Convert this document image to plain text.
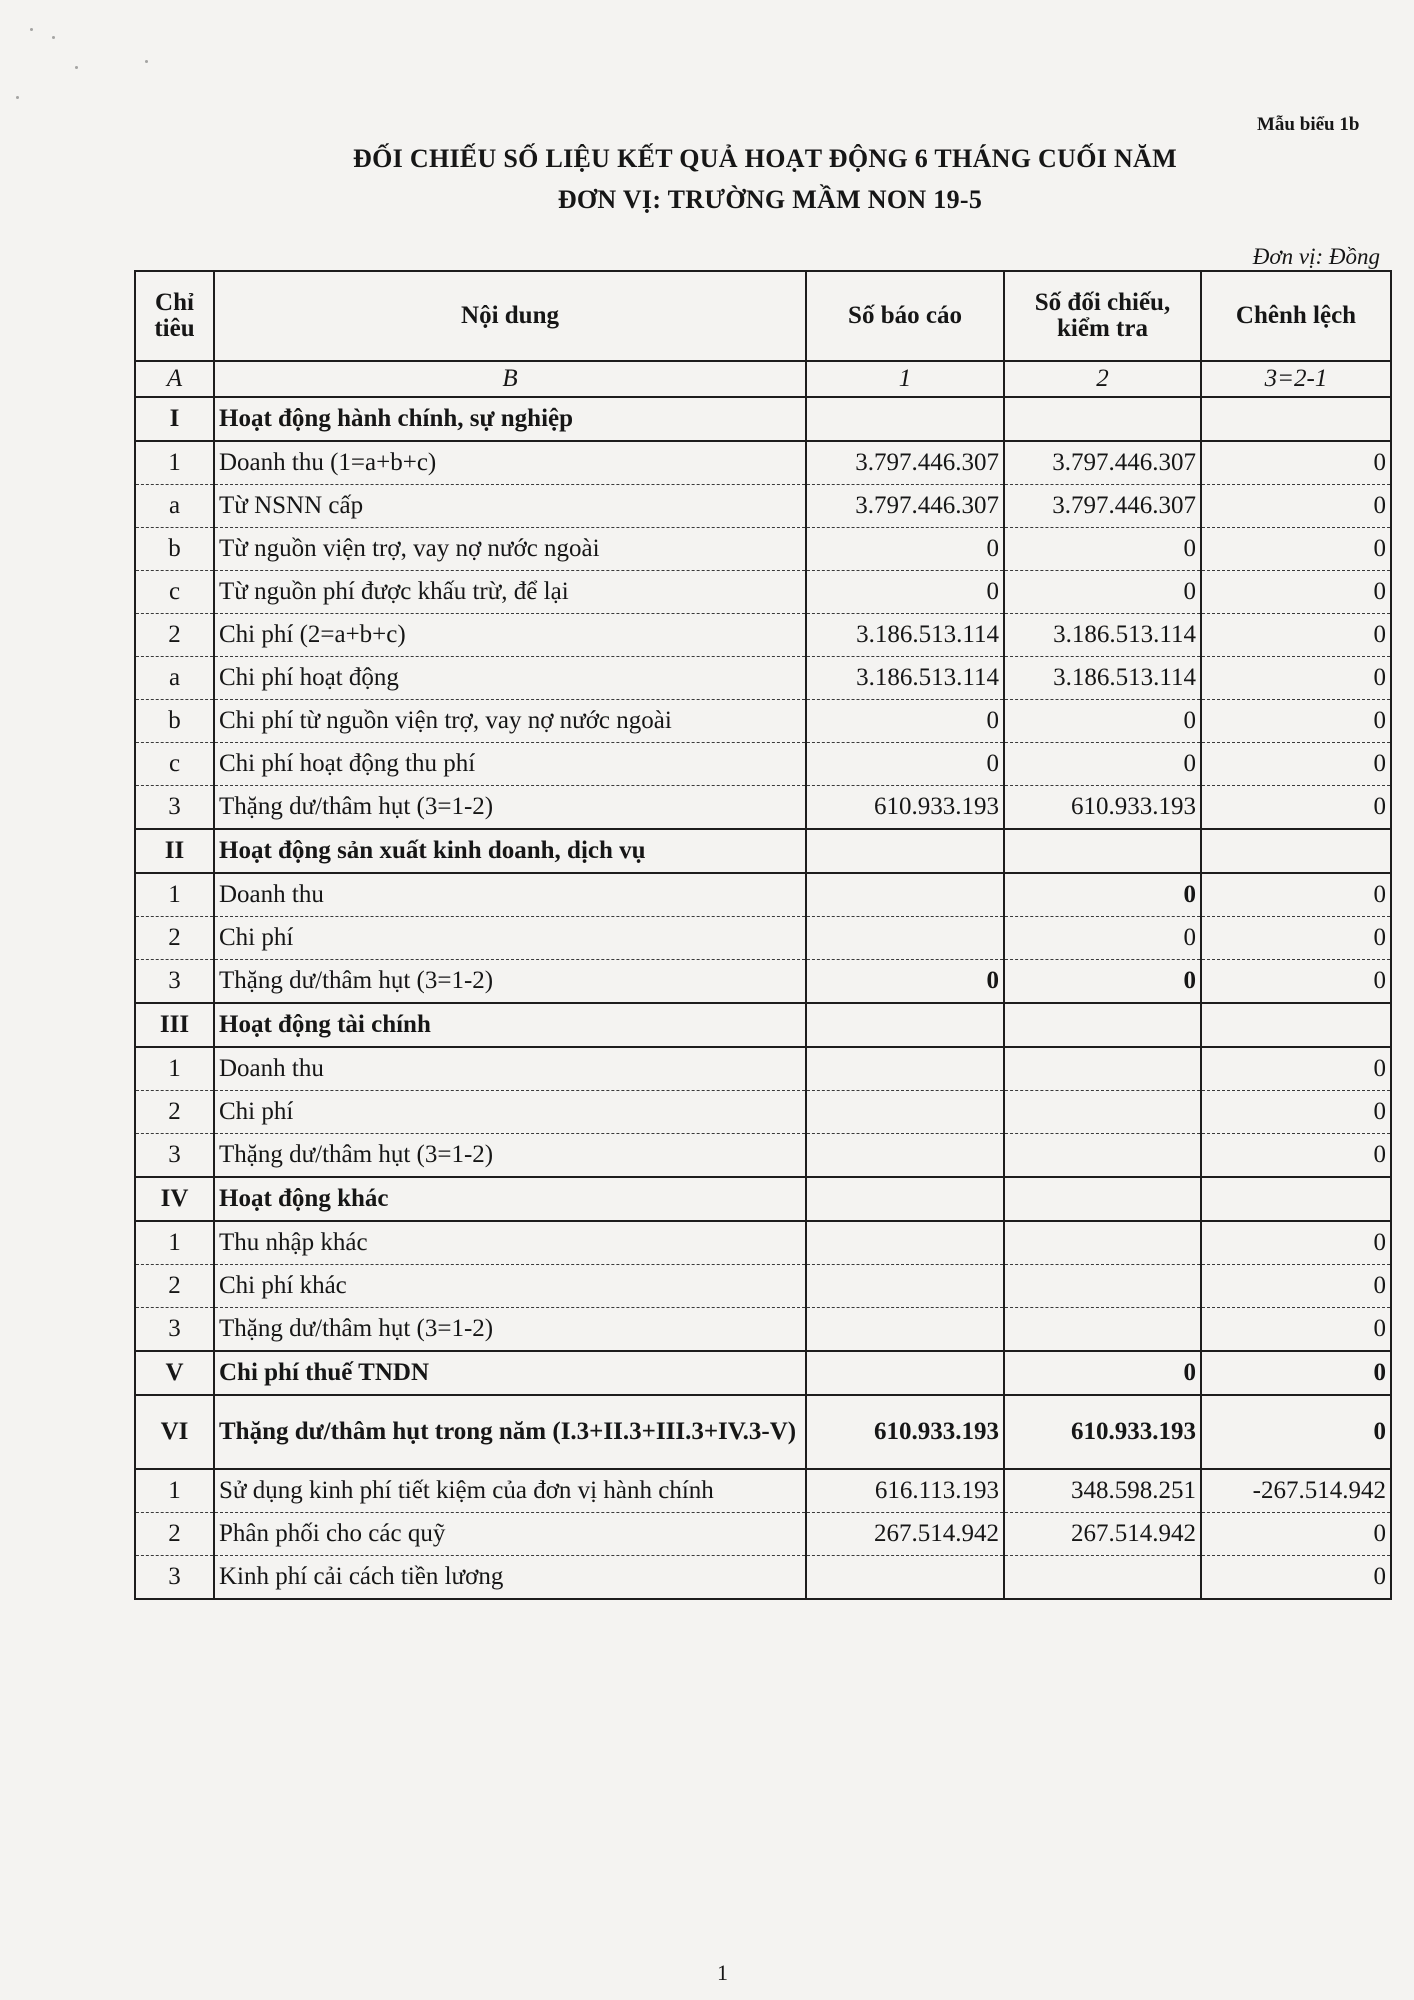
Mẫu biểu 1b
ĐỐI CHIẾU SỐ LIỆU KẾT QUẢ HOẠT ĐỘNG 6 THÁNG CUỐI NĂM
ĐƠN VỊ: TRƯỜNG MẦM NON 19-5
Đơn vị: Đồng
Chỉ tiêu	Nội dung	Số báo cáo	Số đối chiếu, kiểm tra	Chênh lệch
A	B	1	2	3=2-1
I	Hoạt động hành chính, sự nghiệp			
1	Doanh thu (1=a+b+c)	3.797.446.307	3.797.446.307	0
a	Từ NSNN cấp	3.797.446.307	3.797.446.307	0
b	Từ nguồn viện trợ, vay nợ nước ngoài	0	0	0
c	Từ nguồn phí được khấu trừ, để lại	0	0	0
2	Chi phí (2=a+b+c)	3.186.513.114	3.186.513.114	0
a	Chi phí hoạt động	3.186.513.114	3.186.513.114	0
b	Chi phí từ nguồn viện trợ, vay nợ nước ngoài	0	0	0
c	Chi phí hoạt động thu phí	0	0	0
3	Thặng dư/thâm hụt (3=1-2)	610.933.193	610.933.193	0
II	Hoạt động sản xuất kinh doanh, dịch vụ			
1	Doanh thu		0	0
2	Chi phí		0	0
3	Thặng dư/thâm hụt (3=1-2)	0	0	0
III	Hoạt động tài chính			
1	Doanh thu			0
2	Chi phí			0
3	Thặng dư/thâm hụt (3=1-2)			0
IV	Hoạt động khác			
1	Thu nhập khác			0
2	Chi phí khác			0
3	Thặng dư/thâm hụt (3=1-2)			0
V	Chi phí thuế TNDN		0	0
VI	Thặng dư/thâm hụt trong năm (I.3+II.3+III.3+IV.3-V)	610.933.193	610.933.193	0
1	Sử dụng kinh phí tiết kiệm của đơn vị hành chính	616.113.193	348.598.251	-267.514.942
2	Phân phối cho các quỹ	267.514.942	267.514.942	0
3	Kinh phí cải cách tiền lương			0
1
